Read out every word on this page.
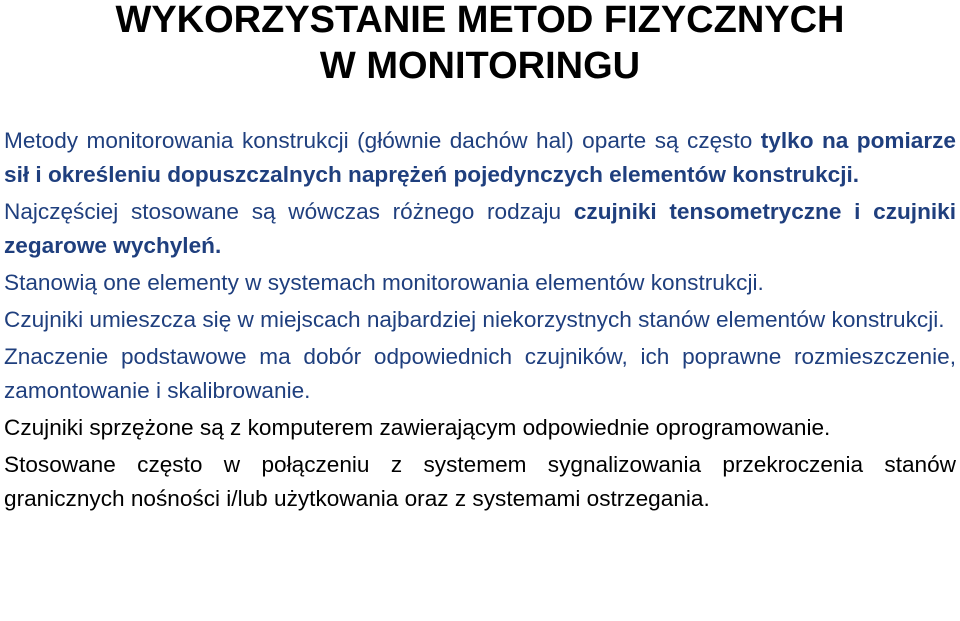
WYKORZYSTANIE METOD FIZYCZNYCH
W MONITORINGU

Metody monitorowania konstrukcji (głównie dachów hal) oparte są często tylko na pomiarze sił i określeniu dopuszczalnych naprężeń pojedynczych elementów konstrukcji.

Najczęściej stosowane są wówczas różnego rodzaju czujniki tensometryczne i czujniki zegarowe wychyleń.

Stanowią one elementy w systemach monitorowania elementów konstrukcji.

Czujniki umieszcza się w miejscach najbardziej niekorzystnych stanów elementów konstrukcji.

Znaczenie podstawowe ma dobór odpowiednich czujników, ich poprawne rozmieszczenie, zamontowanie i skalibrowanie.

Czujniki sprzężone są z komputerem zawierającym odpowiednie oprogramowanie.

Stosowane często w połączeniu z systemem sygnalizowania przekroczenia stanów granicznych nośności i/lub użytkowania oraz z systemami ostrzegania.
